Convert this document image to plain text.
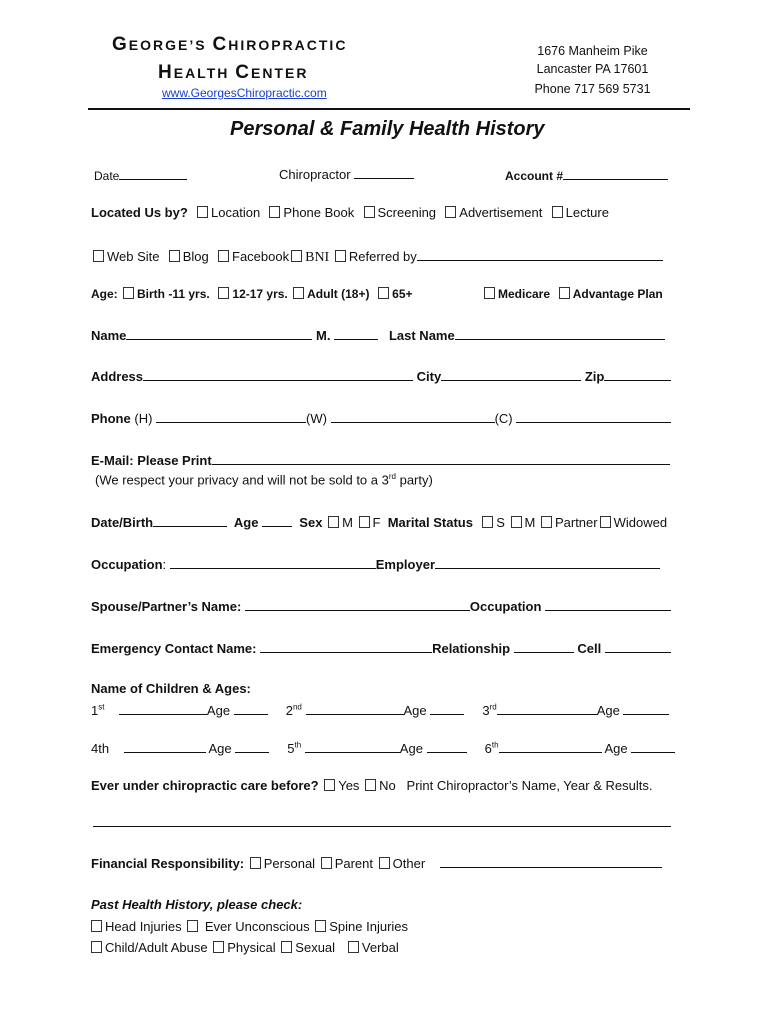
GEORGE’S CHIROPRACTIC
HEALTH CENTER
www.GeorgesChiropractic.com
1676 Manheim Pike
Lancaster PA 17601
Phone 717 569 5731
Personal & Family Health History
Date	Chiropractor	Account #
Located Us by? Location Phone Book Screening Advertisement Lecture
Web Site Blog Facebook BNI Referred by
Age: Birth -11 yrs. 12-17 yrs. Adult (18+) 65+	Medicare Advantage Plan
Name	M.	Last Name
Address	City	Zip
Phone (H)	(W)	(C)
E-Mail: Please Print
(We respect your privacy and will not be sold to a 3rd party)
Date/Birth	Age	Sex M F Marital Status S M Partner Widowed
Occupation:	Employer
Spouse/Partner’s Name:	Occupation
Emergency Contact Name:	Relationship	Cell
Name of Children & Ages:
1st	Age	2nd	Age	3rd	Age
4th	Age	5th	Age	6th	Age
Ever under chiropractic care before? Yes No Print Chiropractor’s Name, Year & Results.
Financial Responsibility: Personal Parent Other
Past Health History, please check:
Head Injuries Ever Unconscious Spine Injuries
Child/Adult Abuse Physical Sexual Verbal
